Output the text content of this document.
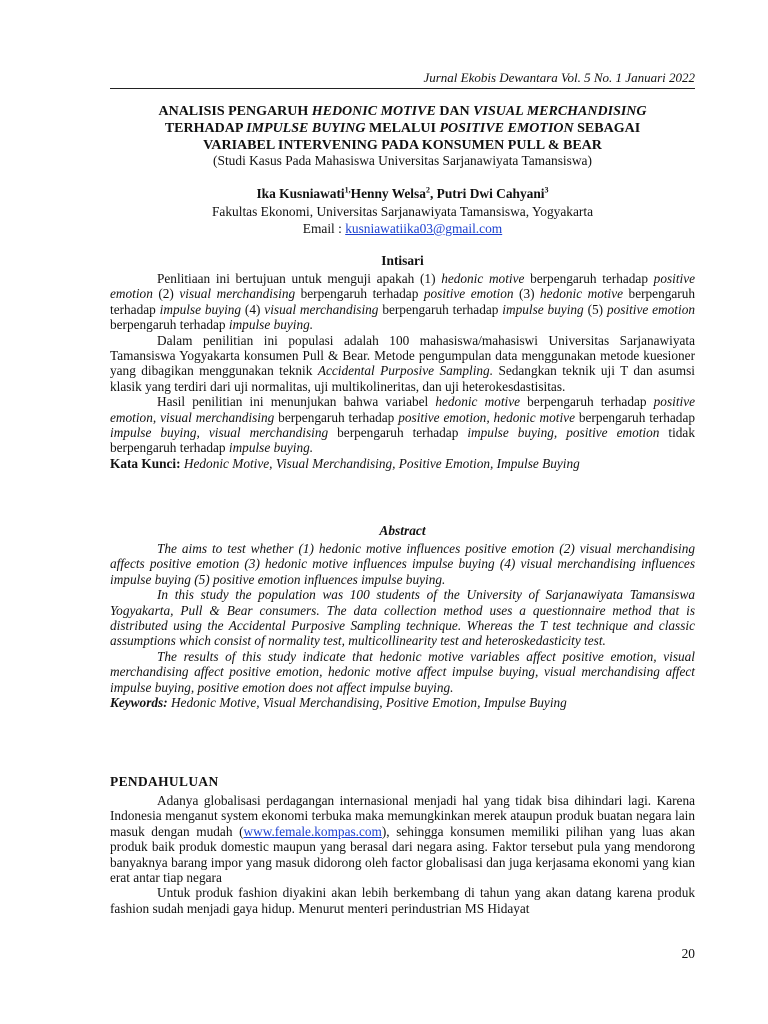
Jurnal Ekobis Dewantara Vol. 5 No. 1 Januari 2022
ANALISIS PENGARUH HEDONIC MOTIVE DAN VISUAL MERCHANDISING
TERHADAP IMPULSE BUYING MELALUI POSITIVE EMOTION SEBAGAI
VARIABEL INTERVENING PADA KONSUMEN PULL & BEAR
(Studi Kasus Pada Mahasiswa Universitas Sarjanawiyata Tamansiswa)
Ika Kusniawati$^{1,}$Henny Welsa$^2$, Putri Dwi Cahyani$^3$
Fakultas Ekonomi, Universitas Sarjanawiyata Tamansiswa, Yogyakarta
Email : kusniawatiika03@gmail.com
Intisari

Penlitiaan ini bertujuan untuk menguji apakah (1) hedonic motive berpengaruh terhadap positive emotion (2) visual merchandising berpengaruh terhadap positive emotion (3) hedonic motive berpengaruh terhadap impulse buying (4) visual merchandising berpengaruh terhadap impulse buying (5) positive emotion berpengaruh terhadap impulse buying.

Dalam penilitian ini populasi adalah 100 mahasiswa/mahasiswi Universitas Sarjanawiyata Tamansiswa Yogyakarta konsumen Pull & Bear. Metode pengumpulan data menggunakan metode kuesioner yang dibagikan menggunakan teknik Accidental Purposive Sampling. Sedangkan teknik uji T dan asumsi klasik yang terdiri dari uji normalitas, uji multikolineritas, dan uji heterokesdastisitas.

Hasil penilitian ini menunjukan bahwa variabel hedonic motive berpengaruh terhadap positive emotion, visual merchandising berpengaruh terhadap positive emotion, hedonic motive berpengaruh terhadap impulse buying, visual merchandising berpengaruh terhadap impulse buying, positive emotion tidak berpengaruh terhadap impulse buying.

Kata Kunci: Hedonic Motive, Visual Merchandising, Positive Emotion, Impulse Buying

Abstract

The aims to test whether (1) hedonic motive influences positive emotion (2) visual merchandising affects positive emotion (3) hedonic motive influences impulse buying (4) visual merchandising influences impulse buying (5) positive emotion influences impulse buying.

In this study the population was 100 students of the University of Sarjanawiyata Tamansiswa Yogyakarta, Pull & Bear consumers. The data collection method uses a questionnaire method that is distributed using the Accidental Purposive Sampling technique. Whereas the T test technique and classic assumptions which consist of normality test, multicollinearity test and heteroskedasticity test.

The results of this study indicate that hedonic motive variables affect positive emotion, visual merchandising affect positive emotion, hedonic motive affect impulse buying, visual merchandising affect impulse buying, positive emotion does not affect impulse buying.

Keywords: Hedonic Motive, Visual Merchandising, Positive Emotion, Impulse Buying

PENDAHULUAN

Adanya globalisasi perdagangan internasional menjadi hal yang tidak bisa dihindari lagi. Karena Indonesia menganut system ekonomi terbuka maka memungkinkan merek ataupun produk buatan negara lain masuk dengan mudah (www.female.kompas.com), sehingga konsumen memiliki pilihan yang luas akan produk baik produk domestic maupun yang berasal dari negara asing. Faktor tersebut pula yang mendorong banyaknya barang impor yang masuk didorong oleh factor globalisasi dan juga kerjasama ekonomi yang kian erat antar tiap negara

Untuk produk fashion diyakini akan lebih berkembang di tahun yang akan datang karena produk fashion sudah menjadi gaya hidup. Menurut menteri perindustrian MS Hidayat

20
